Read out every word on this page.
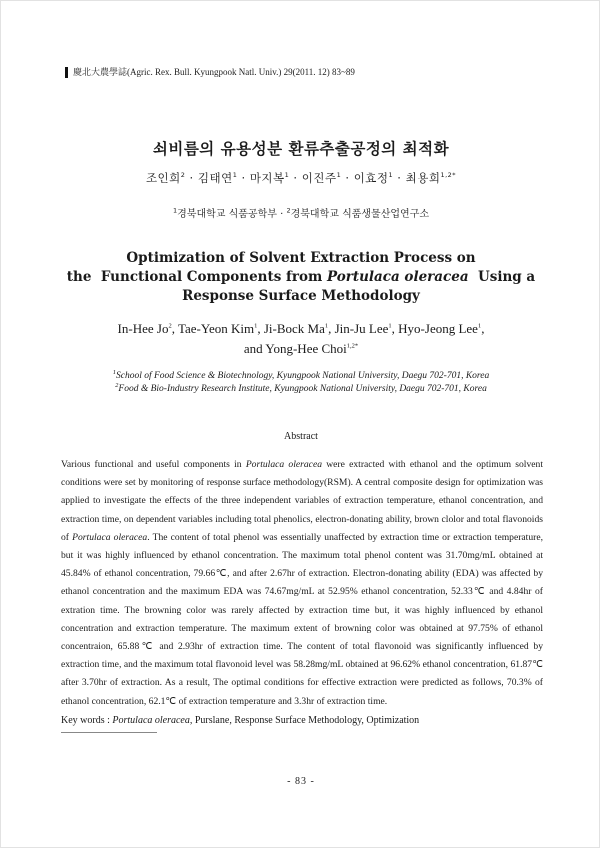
慶北大農學誌(Agric. Rex. Bull. Kyungpook Natl. Univ.) 29(2011. 12) 83~89
쇠비름의 유용성분 환류추출공정의 최적화
조인희$^2$ · 김태연$^1$ · 마지복$^1$ · 이진주$^1$ · 이효정$^1$ · 최용희$^{1,2*}$
$^1$경북대학교 식품공학부 · $^2$경북대학교 식품생물산업연구소
Optimization of Solvent Extraction Process on
the  Functional Components from Portulaca oleracea  Using a
Response Surface Methodology
In-Hee Jo$^2$, Tae-Yeon Kim$^1$, Ji-Bock Ma$^1$, Jin-Ju Lee$^1$, Hyo-Jeong Lee$^1$,
and Yong-Hee Choi$^{1,2*}$
$^1$School of Food Science & Biotechnology, Kyungpook National University, Daegu 702-701, Korea
$^2$Food & Bio-Industry Research Institute, Kyungpook National University, Daegu 702-701, Korea
Abstract

Various functional and useful components in Portulaca oleracea were extracted with ethanol and the optimum solvent conditions were set by monitoring of response surface methodology(RSM). A central composite design for optimization was applied to investigate the effects of the three independent variables of extraction temperature, ethanol concentration, and extraction time, on dependent variables including total phenolics, electron-donating ability, brown clolor and total flavonoids of Portulaca oleracea. The content of total phenol was essentially unaffected by extraction time or extraction temperature, but it was highly influenced by ethanol concentration. The maximum total phenol content was 31.70mg/mL obtained at 45.84% of ethanol concentration, 79.66℃, and after 2.67hr of extraction. Electron-donating ability (EDA) was affected by ethanol concentration and the maximum EDA was 74.67mg/mL at 52.95% ethanol concentration, 52.33℃ and 4.84hr of extration time. The browning color was rarely affected by extraction time but, it was highly influenced by ethanol concentration and extraction temperature. The maximum extent of browning color was obtained at 97.75% of ethanol concentraion, 65.88℃ and 2.93hr of extraction time. The content of total flavonoid was significantly influenced by extraction time, and the maximum total flavonoid level was 58.28mg/mL obtained at 96.62% ethanol concentration, 61.87℃ after 3.70hr of extraction. As a result, The optimal conditions for effective extraction were predicted as follows, 70.3% of ethanol concentration, 62.1℃ of extraction temperature and 3.3hr of extraction time.

Key words : Portulaca oleracea, Purslane, Response Surface Methodology, Optimization
- 83 -
